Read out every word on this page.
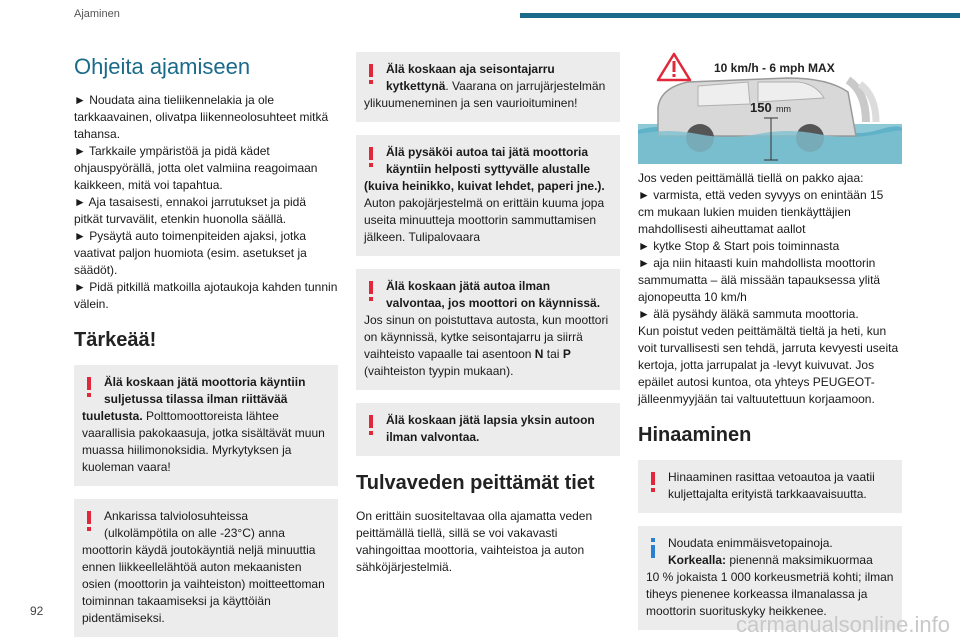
Ajaminen
Ohjeita ajamiseen
► Noudata aina tieliikennelakia ja ole tarkkaavainen, olivatpa liikenneolosuhteet mitkä tahansa.
► Tarkkaile ympäristöä ja pidä kädet ohjauspyörällä, jotta olet valmiina reagoimaan kaikkeen, mitä voi tapahtua.
► Aja tasaisesti, ennakoi jarrutukset ja pidä pitkät turvavälit, etenkin huonolla säällä.
► Pysäytä auto toimenpiteiden ajaksi, jotka vaativat paljon huomiota (esim. asetukset ja säädöt).
► Pidä pitkillä matkoilla ajotaukoja kahden tunnin välein.
Tärkeää!
Älä koskaan jätä moottoria käyntiin
suljetussa tilassa ilman riittävää
tuuletusta. Polttomoottoreista lähtee vaarallisia pakokaasuja, jotka sisältävät muun muassa hiilimonoksidia. Myrkytyksen ja kuoleman vaara!
Ankarissa talviolosuhteissa
(ulkolämpötila on alle -23°C) anna
moottorin käydä joutokäyntiä neljä minuuttia ennen liikkeellelähtöä auton mekaanisten osien (moottorin ja vaihteiston) moitteettoman toiminnan takaamiseksi ja käyttöiän pidentämiseksi.
Älä koskaan aja seisontajarru
kytkettynä. Vaarana on jarrujärjestelmän
ylikuumeneminen ja sen vaurioituminen!
Älä pysäköi autoa tai jätä moottoria
käyntiin helposti syttyvälle alustalle
(kuiva heinikko, kuivat lehdet, paperi jne.).
Auton pakojärjestelmä on erittäin kuuma jopa useita minuutteja moottorin sammuttamisen jälkeen. Tulipalovaara
Älä koskaan jätä autoa ilman
valvontaa, jos moottori on käynnissä.
Jos sinun on poistuttava autosta, kun moottori on käynnissä, kytke seisontajarru ja siirrä vaihteisto vapaalle tai asentoon N tai P (vaihteiston tyypin mukaan).
Älä koskaan jätä lapsia yksin autoon
ilman valvontaa.
Tulvaveden peittämät tiet

On erittäin suositeltavaa olla ajamatta veden peittämällä tiellä, sillä se voi vakavasti vahingoittaa moottoria, vaihteistoa ja auton sähköjärjestelmiä.

150 mm
10 km/h - 6 mph MAX
Jos veden peittämällä tiellä on pakko ajaa:
► varmista, että veden syvyys on enintään 15 cm mukaan lukien muiden tienkäyttäjien mahdollisesti aiheuttamat aallot
► kytke Stop & Start pois toiminnasta
► aja niin hitaasti kuin mahdollista moottorin sammumatta – älä missään tapauksessa ylitä ajonopeutta 10 km/h
► älä pysähdy äläkä sammuta moottoria.
Kun poistut veden peittämältä tieltä ja heti, kun voit turvallisesti sen tehdä, jarruta kevyesti useita kertoja, jotta jarrupalat ja -levyt kuivuvat. Jos epäilet autosi kuntoa, ota yhteys PEUGEOT-jälleenmyyjään tai valtuutettuun korjaamoon.
Hinaaminen
Hinaaminen rasittaa vetoautoa ja vaatii
kuljettajalta erityistä tarkkaavaisuutta.
Noudata enimmäisvetopainoja.
Korkealla: pienennä maksimikuormaa
10 % jokaista 1 000 korkeusmetriä kohti; ilman tiheys pienenee korkeassa ilmanalassa ja moottorin suorituskyky heikkenee.
92
carmanualsonline.info
